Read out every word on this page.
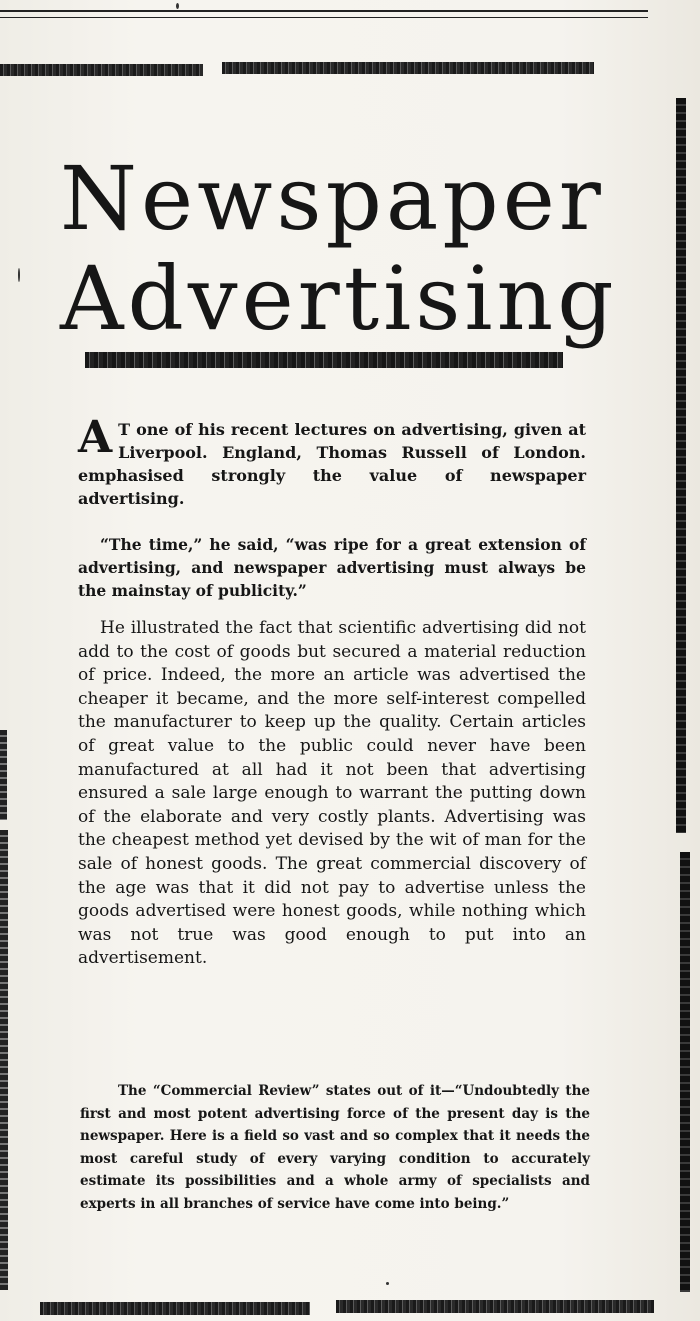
Newspaper
Advertising
A T one of his recent lectures on advertising, given at Liverpool. England, Thomas Russell of London. emphasised strongly the value of newspaper advertising.
“The time,” he said, “was ripe for a great extension of advertising, and newspaper advertising must always be the mainstay of publicity.”
He illustrated the fact that scientific advertising did not add to the cost of goods but secured a material reduction of price. Indeed, the more an article was advertised the cheaper it became, and the more self-interest compelled the manufacturer to keep up the quality. Certain articles of great value to the public could never have been manufactured at all had it not been that advertising ensured a sale large enough to warrant the putting down of the elaborate and very costly plants. Advertising was the cheapest method yet devised by the wit of man for the sale of honest goods. The great commercial discovery of the age was that it did not pay to advertise unless the goods advertised were honest goods, while nothing which was not true was good enough to put into an advertisement.
The “Commercial Review” states out of it—“Undoubtedly the first and most potent advertising force of the present day is the newspaper. Here is a field so vast and so complex that it needs the most careful study of every varying condition to accurately estimate its possibilities and a whole army of specialists and experts in all branches of service have come into being.”
